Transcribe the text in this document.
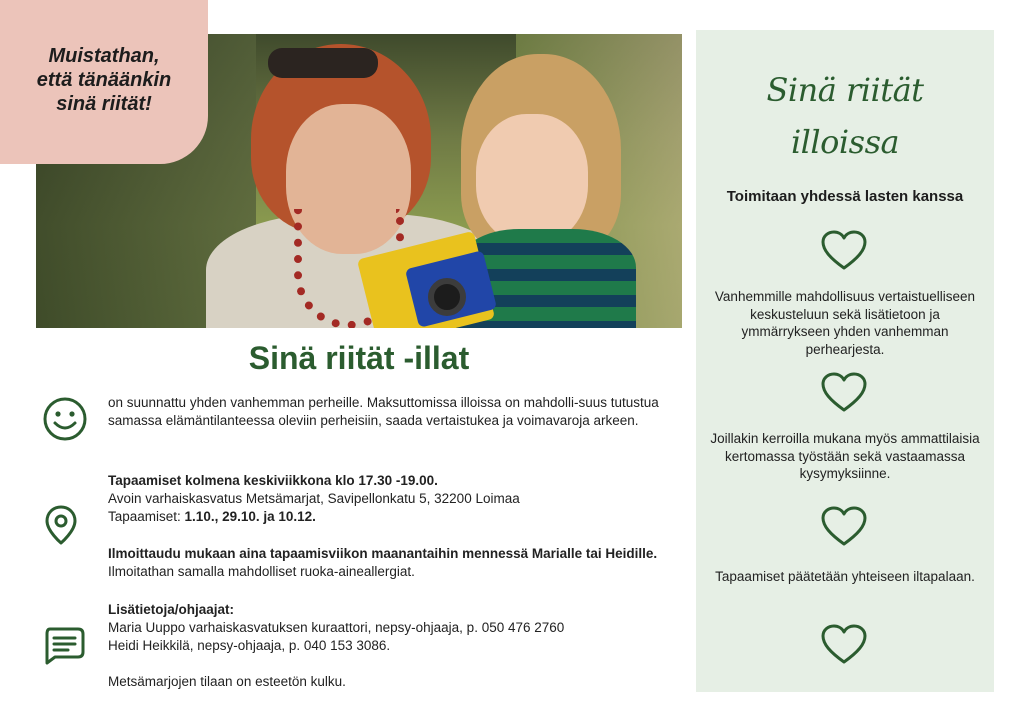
Muistathan,
että tänäänkin
sinä riität!
Sinä riität -illat

on suunnattu yhden vanhemman perheille. Maksuttomissa illoissa on mahdolli-suus tutustua samassa elämäntilanteessa oleviin perheisiin, saada vertaistukea ja voimavaroja arkeen.

Tapaamiset kolmena keskiviikkona klo 17.30 -19.00.
Avoin varhaiskasvatus Metsämarjat, Savipellonkatu 5, 32200 Loimaa
Tapaamiset: 1.10., 29.10. ja 10.12.

Ilmoittaudu mukaan aina tapaamisviikon maanantaihin mennessä Marialle tai Heidille. Ilmoitathan samalla mahdolliset ruoka-aineallergiat.

Lisätietoja/ohjaajat:
Maria Uuppo varhaiskasvatuksen kuraattori, nepsy-ohjaaja, p. 050 476 2760
Heidi Heikkilä, nepsy-ohjaaja, p. 040 153 3086.

Metsämarjojen tilaan on esteetön kulku.

Sinä riität
illoissa
Toimitaan yhdessä lasten kanssa

Vanhemmille mahdollisuus vertaistuelliseen keskusteluun sekä lisätietoon ja ymmärrykseen yhden vanhemman perhearjesta.

Joillakin kerroilla mukana myös ammattilaisia kertomassa työstään sekä vastaamassa kysymyksiinne.

Tapaamiset päätetään yhteiseen iltapalaan.
